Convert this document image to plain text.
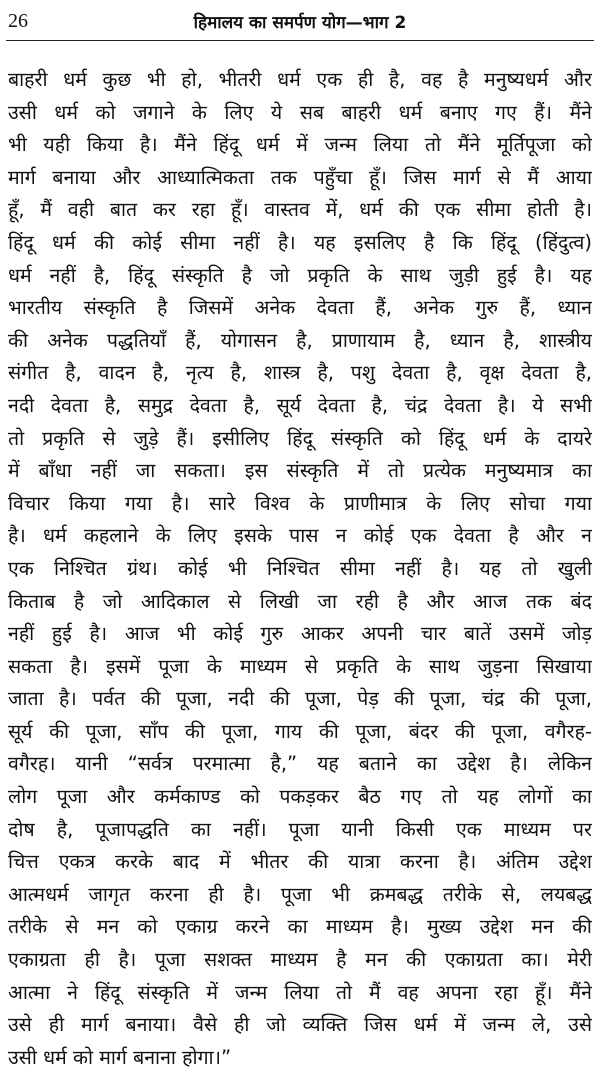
26	हिमालय का समर्पण योग—भाग 2
बाहरी धर्म कुछ भी हो, भीतरी धर्म एक ही है, वह है मनुष्यधर्म और
उसी धर्म को जगाने के लिए ये सब बाहरी धर्म बनाए गए हैं। मैंने
भी यही किया है। मैंने हिंदू धर्म में जन्म लिया तो मैंने मूर्तिपूजा को
मार्ग बनाया और आध्यात्मिकता तक पहुँचा हूँ। जिस मार्ग से मैं आया
हूँ, मैं वही बात कर रहा हूँ। वास्तव में, धर्म की एक सीमा होती है।
हिंदू धर्म की कोई सीमा नहीं है। यह इसलिए है कि हिंदू (हिंदुत्व)
धर्म नहीं है, हिंदू संस्कृति है जो प्रकृति के साथ जुड़ी हुई है। यह
भारतीय संस्कृति है जिसमें अनेक देवता हैं, अनेक गुरु हैं, ध्यान
की अनेक पद्धतियाँ हैं, योगासन है, प्राणायाम है, ध्यान है, शास्त्रीय
संगीत है, वादन है, नृत्य है, शास्त्र है, पशु देवता है, वृक्ष देवता है,
नदी देवता है, समुद्र देवता है, सूर्य देवता है, चंद्र देवता है। ये सभी
तो प्रकृति से जुड़े हैं। इसीलिए हिंदू संस्कृति को हिंदू धर्म के दायरे
में बाँधा नहीं जा सकता। इस संस्कृति में तो प्रत्येक मनुष्यमात्र का
विचार किया गया है। सारे विश्व के प्राणीमात्र के लिए सोचा गया
है। धर्म कहलाने के लिए इसके पास न कोई एक देवता है और न
एक निश्चित ग्रंथ। कोई भी निश्चित सीमा नहीं है। यह तो खुली
किताब है जो आदिकाल से लिखी जा रही है और आज तक बंद
नहीं हुई है। आज भी कोई गुरु आकर अपनी चार बातें उसमें जोड़
सकता है। इसमें पूजा के माध्यम से प्रकृति के साथ जुड़ना सिखाया
जाता है। पर्वत की पूजा, नदी की पूजा, पेड़ की पूजा, चंद्र की पूजा,
सूर्य की पूजा, साँप की पूजा, गाय की पूजा, बंदर की पूजा, वगैरह-
वगैरह। यानी “सर्वत्र परमात्मा है,” यह बताने का उद्देश है। लेकिन
लोग पूजा और कर्मकाण्ड को पकड़कर बैठ गए तो यह लोगों का
दोष है, पूजापद्धति का नहीं। पूजा यानी किसी एक माध्यम पर
चित्त एकत्र करके बाद में भीतर की यात्रा करना है। अंतिम उद्देश
आत्मधर्म जागृत करना ही है। पूजा भी क्रमबद्ध तरीके से, लयबद्ध
तरीके से मन को एकाग्र करने का माध्यम है। मुख्य उद्देश मन की
एकाग्रता ही है। पूजा सशक्त माध्यम है मन की एकाग्रता का। मेरी
आत्मा ने हिंदू संस्कृति में जन्म लिया तो मैं वह अपना रहा हूँ। मैंने
उसे ही मार्ग बनाया। वैसे ही जो व्यक्ति जिस धर्म में जन्म ले, उसे
उसी धर्म को मार्ग बनाना होगा।”
